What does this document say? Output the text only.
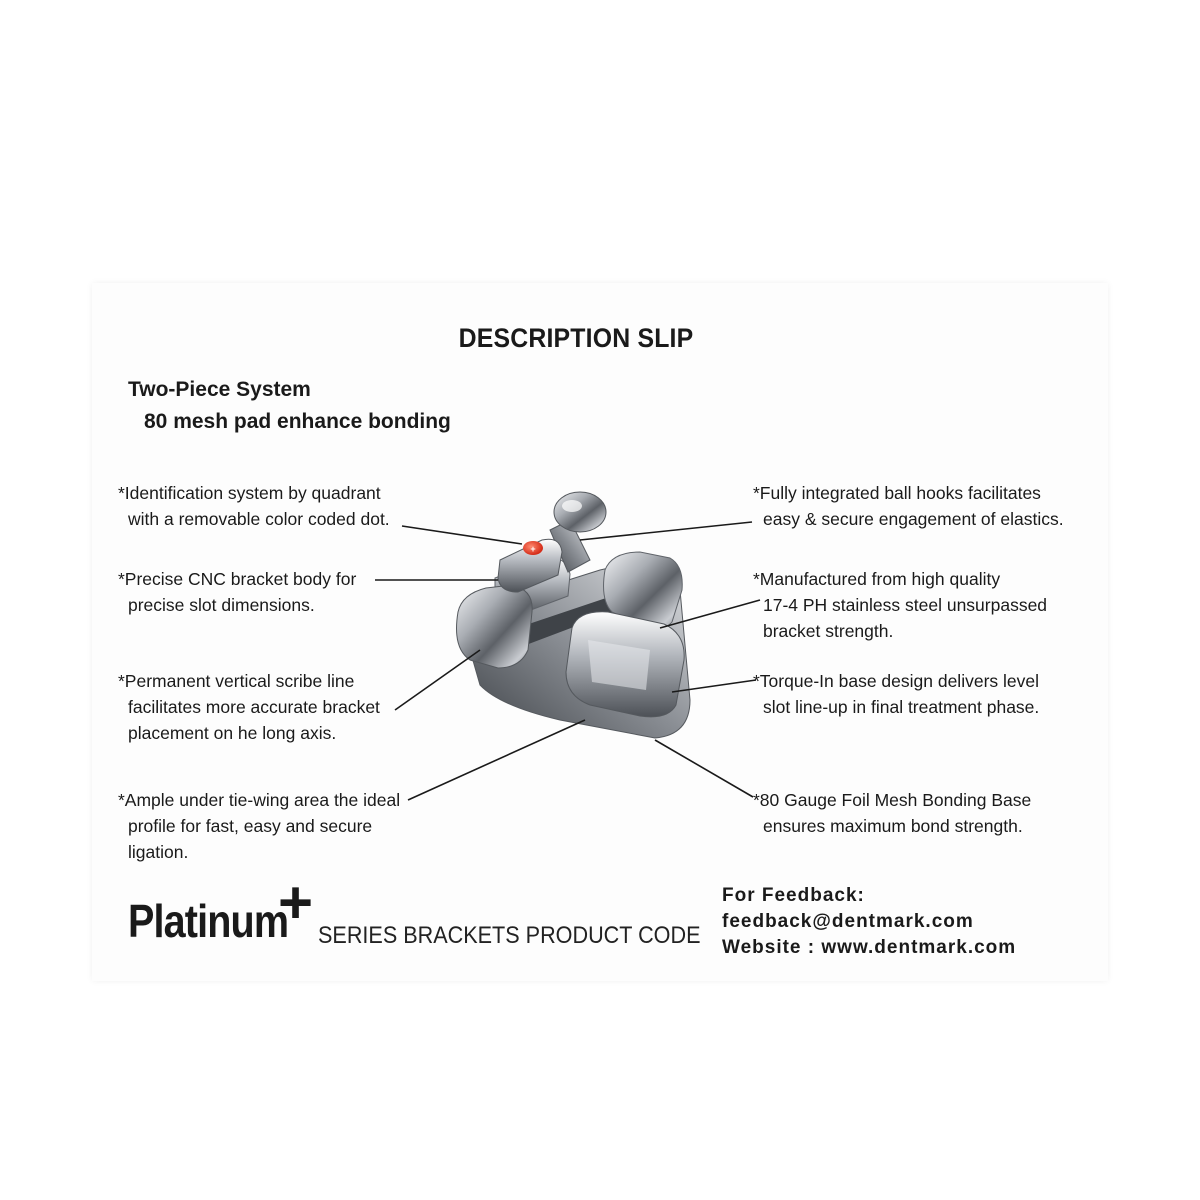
DESCRIPTION SLIP
Two-Piece System
80 mesh pad enhance bonding
*Identification system by quadrant
with a removable color coded dot.
*Precise CNC bracket body for
precise slot dimensions.
*Permanent vertical scribe line
facilitates more accurate bracket
placement on he long axis.
*Ample under tie-wing area the ideal
profile for fast, easy and secure
ligation.
*Fully integrated ball hooks facilitates
easy & secure engagement of elastics.
*Manufactured from high quality
17-4 PH stainless steel unsurpassed
bracket strength.
*Torque-In base design delivers level
slot line-up in final treatment phase.
*80 Gauge Foil Mesh Bonding Base
ensures maximum bond strength.
+
Platinum
+ SERIES BRACKETS PRODUCT CODE
For Feedback:
feedback@dentmark.com
Website : www.dentmark.com
